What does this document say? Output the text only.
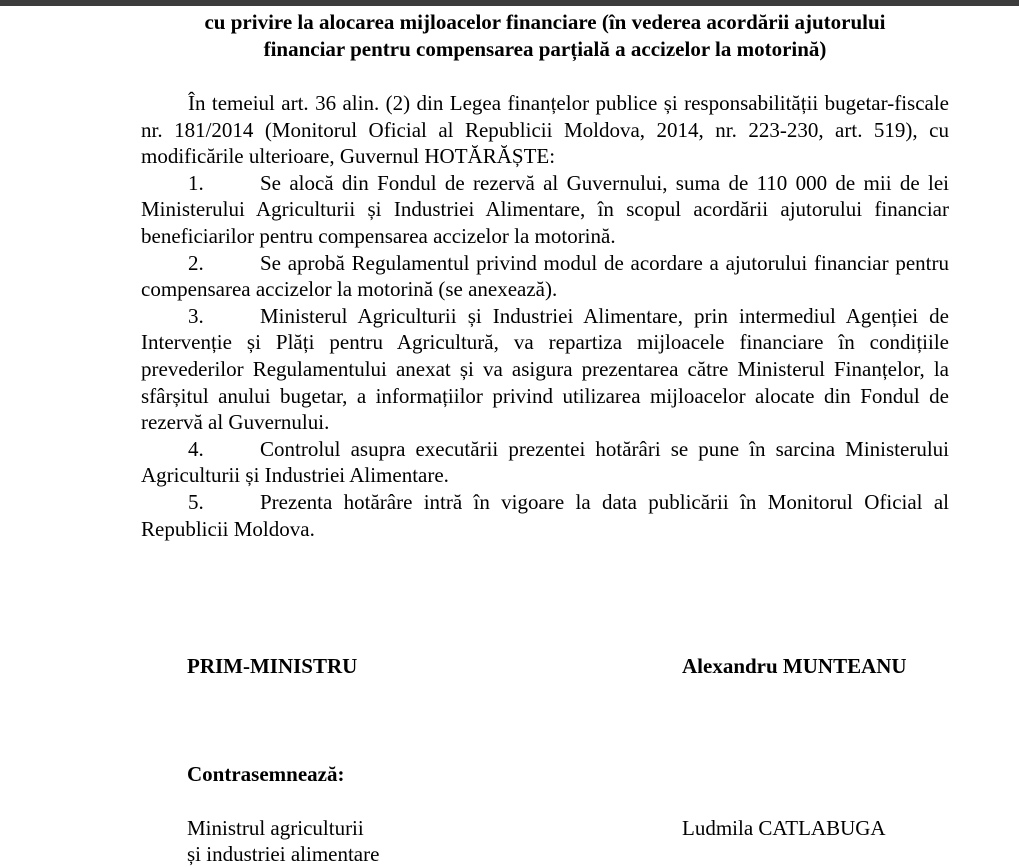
cu privire la alocarea mijloacelor financiare (în vederea acordării ajutorului
financiar pentru compensarea parțială a accizelor la motorină)

În temeiul art. 36 alin. (2) din Legea finanțelor publice și responsabilității bugetar-fiscale nr. 181/2014 (Monitorul Oficial al Republicii Moldova, 2014, nr. 223-230, art. 519), cu modificările ulterioare, Guvernul HOTĂRĂȘTE:

1.	Se alocă din Fondul de rezervă al Guvernului, suma de 110 000 de mii de lei Ministerului Agriculturii și Industriei Alimentare, în scopul acordării ajutorului financiar beneficiarilor pentru compensarea accizelor la motorină.

2.	Se aprobă Regulamentul privind modul de acordare a ajutorului financiar pentru compensarea accizelor la motorină (se anexează).

3.	Ministerul Agriculturii și Industriei Alimentare, prin intermediul Agenției de Intervenție și Plăți pentru Agricultură, va repartiza mijloacele financiare în condițiile prevederilor Regulamentului anexat și va asigura prezentarea către Ministerul Finanțelor, la sfârșitul anului bugetar, a informațiilor privind utilizarea mijloacelor alocate din Fondul de rezervă al Guvernului.

4.	Controlul asupra executării prezentei hotărâri se pune în sarcina Ministerului Agriculturii și Industriei Alimentare.

5.	Prezenta hotărâre intră în vigoare la data publicării în Monitorul Oficial al Republicii Moldova.

PRIM-MINISTRU	Alexandru MUNTEANU
Contrasemnează:
Ministrul agriculturii	Ludmila CATLABUGA
și industriei alimentare
